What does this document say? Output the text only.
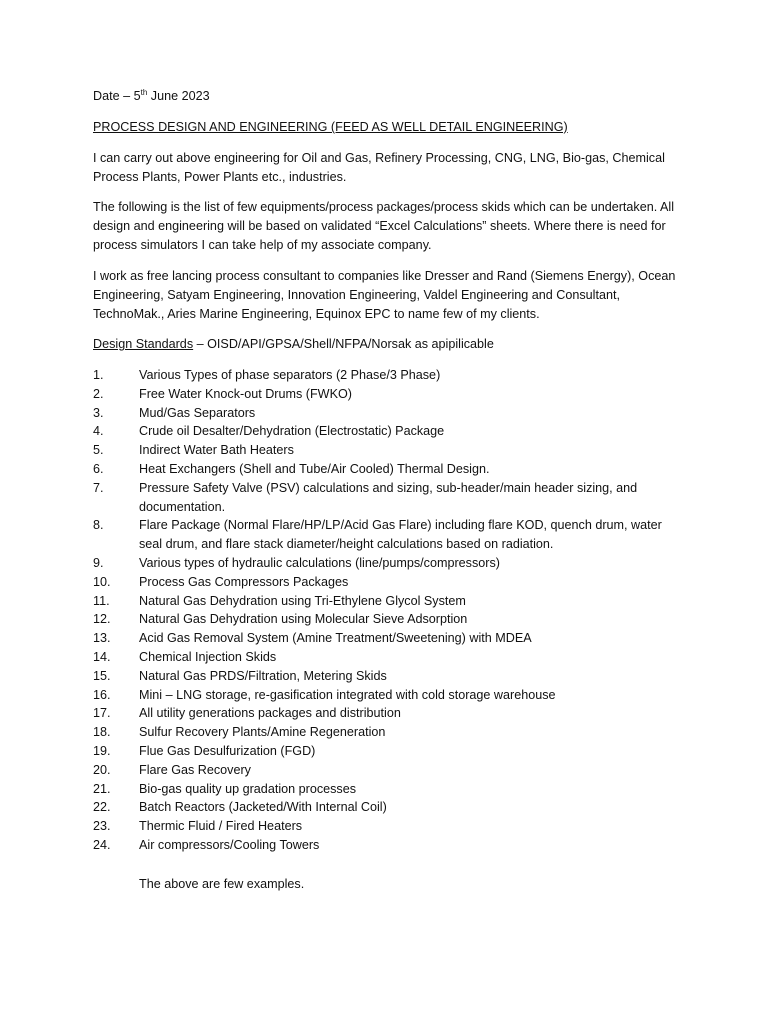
Date – 5th June 2023
PROCESS DESIGN AND ENGINEERING (FEED AS WELL DETAIL ENGINEERING)
I can carry out above engineering for Oil and Gas, Refinery Processing, CNG, LNG, Bio-gas, Chemical Process Plants, Power Plants etc., industries.
The following is the list of few equipments/process packages/process skids which can be undertaken. All design and engineering will be based on validated “Excel Calculations” sheets. Where there is need for process simulators I can take help of my associate company.
I work as free lancing process consultant to companies like Dresser and Rand (Siemens Energy), Ocean Engineering, Satyam Engineering, Innovation Engineering, Valdel Engineering and Consultant, TechnoMak., Aries Marine Engineering, Equinox EPC to name few of my clients.
Design Standards – OISD/API/GPSA/Shell/NFPA/Norsak as apipilicable
1.	Various Types of phase separators (2 Phase/3 Phase)
2.	Free Water Knock-out Drums (FWKO)
3.	Mud/Gas Separators
4.	Crude oil Desalter/Dehydration (Electrostatic) Package
5.	Indirect Water Bath Heaters
6.	Heat Exchangers (Shell and Tube/Air Cooled) Thermal Design.
7.	Pressure Safety Valve (PSV) calculations and sizing, sub-header/main header sizing, and documentation.
8.	Flare Package (Normal Flare/HP/LP/Acid Gas Flare) including flare KOD, quench drum, water seal drum, and flare stack diameter/height calculations based on radiation.
9.	Various types of hydraulic calculations (line/pumps/compressors)
10.	Process Gas Compressors Packages
11.	Natural Gas Dehydration using Tri-Ethylene Glycol System
12.	Natural Gas Dehydration using Molecular Sieve Adsorption
13.	Acid Gas Removal System (Amine Treatment/Sweetening) with MDEA
14.	Chemical Injection Skids
15.	Natural Gas PRDS/Filtration, Metering Skids
16.	Mini – LNG storage, re-gasification integrated with cold storage warehouse
17.	All utility generations packages and distribution
18.	Sulfur Recovery Plants/Amine Regeneration
19.	Flue Gas Desulfurization (FGD)
20.	Flare Gas Recovery
21.	Bio-gas quality up gradation processes
22.	Batch Reactors (Jacketed/With Internal Coil)
23.	Thermic Fluid / Fired Heaters
24.	Air compressors/Cooling Towers
The above are few examples.
